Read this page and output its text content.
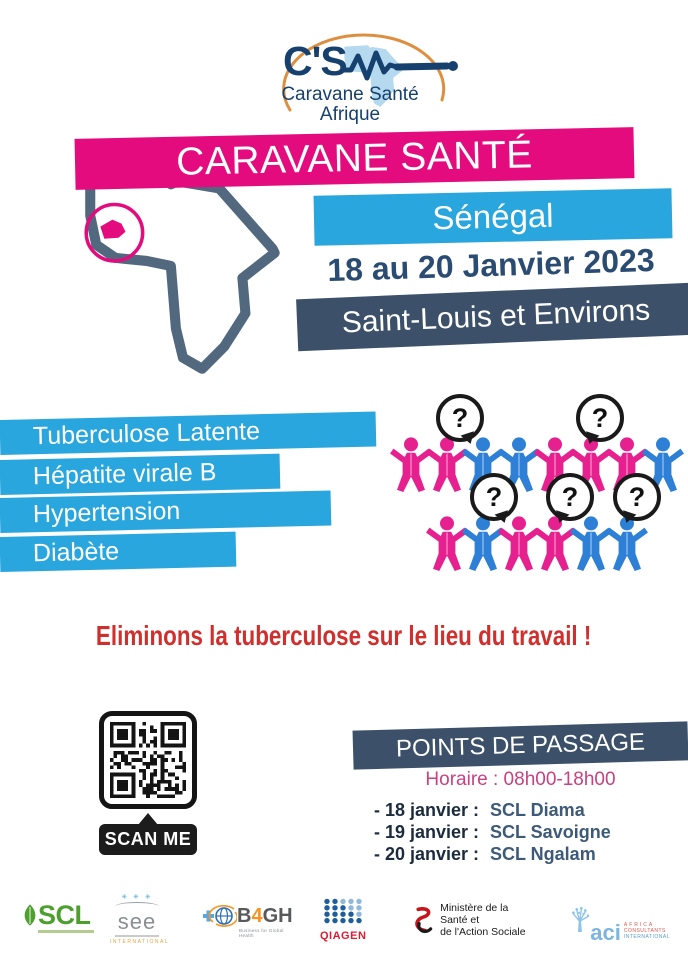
C'S
Caravane Santé
Afrique
CARAVANE SANTÉ
Sénégal
18 au 20 Janvier 2023
Saint-Louis et Environs
Tuberculose Latente
Hépatite virale B
Hypertension
Diabète
?	?
?	?	?
Eliminons la tuberculose sur le lieu du travail !
SCAN ME
POINTS DE PASSAGE
Horaire : 08h00-18h00
- 18 janvier : SCL Diama
- 19 janvier : SCL Savoigne
- 20 janvier : SCL Ngalam
SCL
✳ ✳ ✳
see
INTERNATIONAL
B4GH
Business for Global Health	QIAGEN
Ministère de la Santé et
de l'Action Sociale	aci AFRICA
CONSULTANTS
INTERNATIONAL
